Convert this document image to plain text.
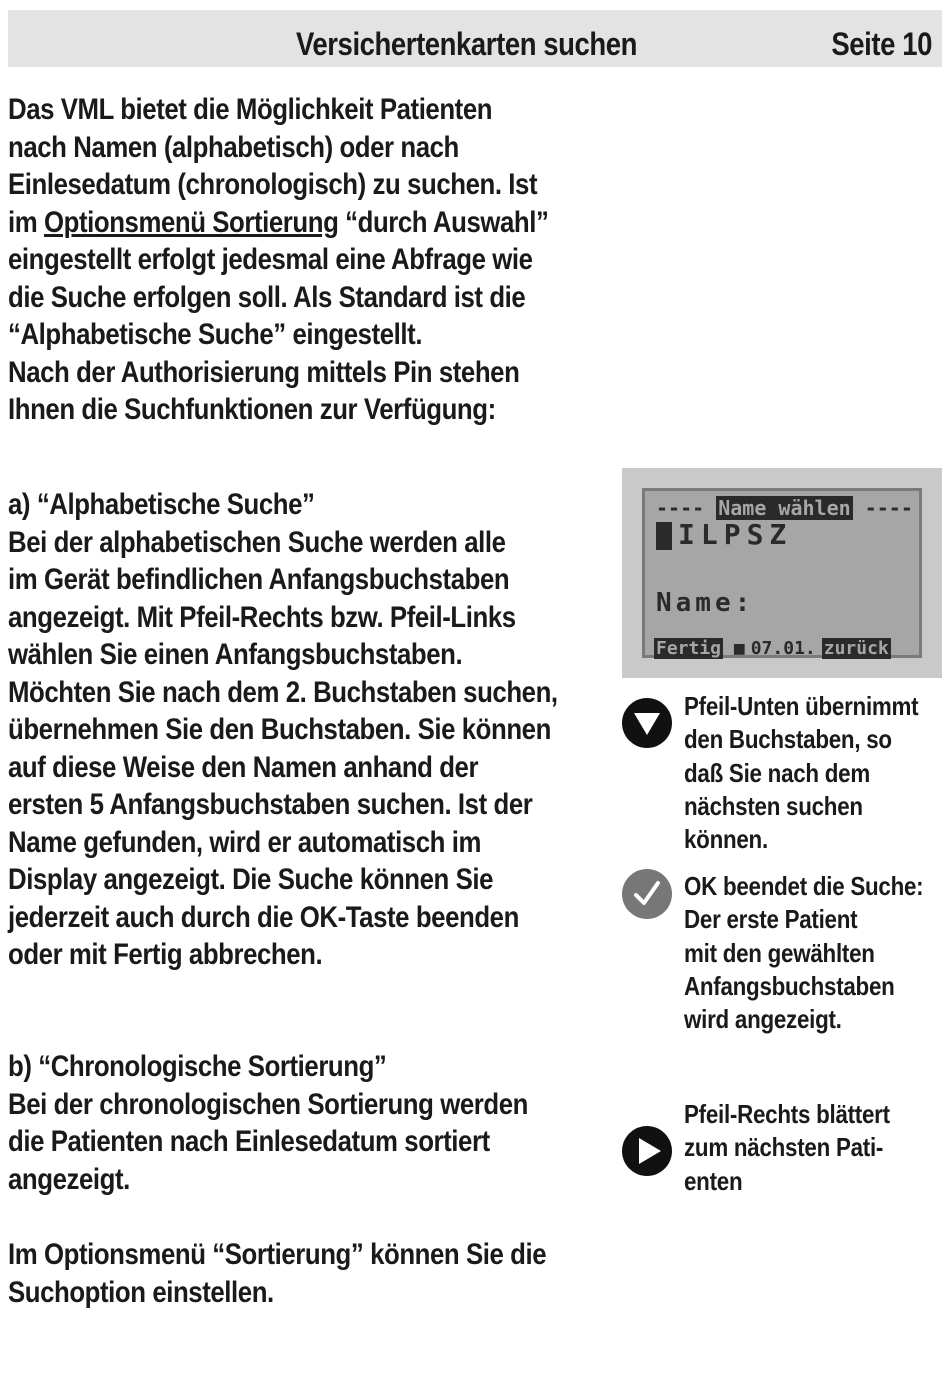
Versichertenkarten suchen	Seite 10
Das VML bietet die Möglichkeit Patienten
nach Namen (alphabetisch) oder nach
Einlesedatum (chronologisch) zu suchen. Ist
im Optionsmenü Sortierung “durch Auswahl”
eingestellt erfolgt jedesmal eine Abfrage wie
die Suche erfolgen soll. Als Standard ist die
“Alphabetische Suche” eingestellt.
Nach der Authorisierung mittels Pin stehen
Ihnen die Suchfunktionen zur Verfügung:
a) “Alphabetische Suche”
Bei der alphabetischen Suche werden alle
im Gerät befindlichen Anfangsbuchstaben
angezeigt. Mit Pfeil-Rechts bzw. Pfeil-Links
wählen Sie einen Anfangsbuchstaben.
Möchten Sie nach dem 2. Buchstaben suchen,
übernehmen Sie den Buchstaben. Sie können
auf diese Weise den Namen anhand der
ersten 5 Anfangsbuchstaben suchen. Ist der
Name gefunden, wird er automatisch im
Display angezeigt. Die Suche können Sie
jederzeit auch durch die OK-Taste beenden
oder mit Fertig abbrechen.
b) “Chronologische Sortierung”
Bei der chronologischen Sortierung werden
die Patienten nach Einlesedatum sortiert
angezeigt.
Im Optionsmenü “Sortierung” können Sie die
Suchoption einstellen.
---- Name wählen ----
ILPSZ
Name:
Fertig ■ 07.01. zurück
Pfeil-Unten übernimmt
den Buchstaben, so
daß Sie nach dem
nächsten suchen
können.
OK beendet die Suche:
Der erste Patient
mit den gewählten
Anfangsbuchstaben
wird angezeigt.
Pfeil-Rechts blättert
zum nächsten Pati-
enten
